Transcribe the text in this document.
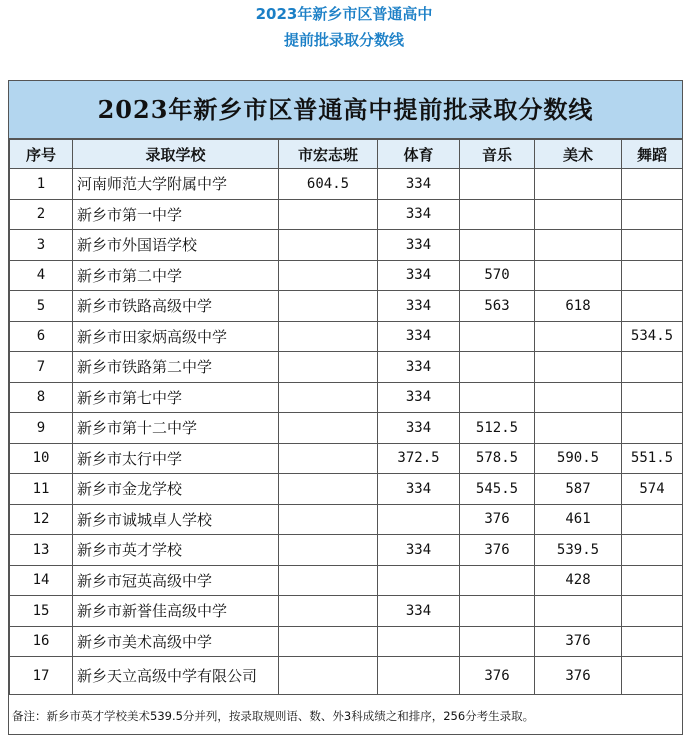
2023年新乡市区普通高中
提前批录取分数线
2023年新乡市区普通高中提前批录取分数线
序号	录取学校	市宏志班	体育	音乐	美术	舞蹈
1	河南师范大学附属中学	604.5	334			
2	新乡市第一中学		334			
3	新乡市外国语学校		334			
4	新乡市第二中学		334	570		
5	新乡市铁路高级中学		334	563	618	
6	新乡市田家炳高级中学		334			534.5
7	新乡市铁路第二中学		334			
8	新乡市第七中学		334			
9	新乡市第十二中学		334	512.5		
10	新乡市太行中学		372.5	578.5	590.5	551.5
11	新乡市金龙学校		334	545.5	587	574
12	新乡市诚城卓人学校			376	461	
13	新乡市英才学校		334	376	539.5	
14	新乡市冠英高级中学				428	
15	新乡市新誉佳高级中学		334			
16	新乡市美术高级中学				376	
17	新乡天立高级中学有限公司			376	376	
备注：新乡市英才学校美术539.5分并列，按录取规则语、数、外3科成绩之和排序，256分考生录取。
